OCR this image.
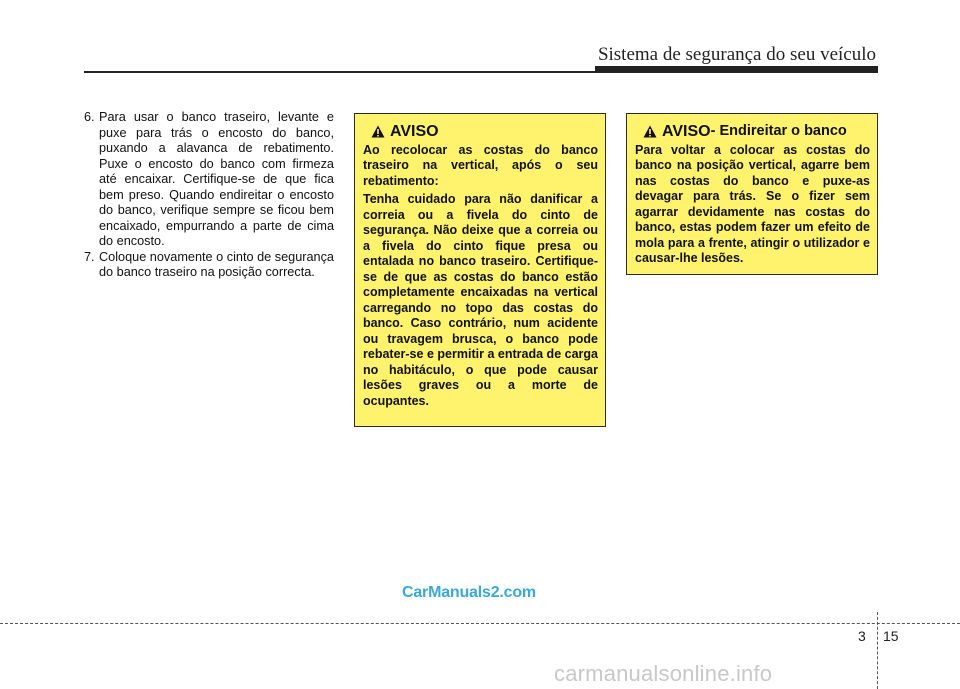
Sistema de segurança do seu veículo
6. Para usar o banco traseiro, levante e puxe para trás o encosto do banco, puxando a alavanca de rebatimento. Puxe o encosto do banco com firmeza até encaixar. Certifique-se de que fica bem preso. Quando endireitar o encosto do banco, verifique sempre se ficou bem encaixado, empurrando a parte de cima do encosto.
7. Coloque novamente o cinto de segurança do banco traseiro na posição correcta.
AVISO

Ao recolocar as costas do banco traseiro na vertical, após o seu rebatimento:

Tenha cuidado para não danificar a correia ou a fivela do cinto de segurança. Não deixe que a correia ou a fivela do cinto fique presa ou entalada no banco traseiro. Certifique-se de que as costas do banco estão completamente encaixadas na vertical carregando no topo das costas do banco. Caso contrário, num acidente ou travagem brusca, o banco pode rebater-se e permitir a entrada de carga no habitáculo, o que pode causar lesões graves ou a morte de ocupantes.

AVISO - Endireitar o banco

Para voltar a colocar as costas do banco na posição vertical, agarre bem nas costas do banco e puxe-as devagar para trás. Se o fizer sem agarrar devidamente nas costas do banco, estas podem fazer um efeito de mola para a frente, atingir o utilizador e causar-lhe lesões.

CarManuals2.com
3 15
carmanualsonline.info
